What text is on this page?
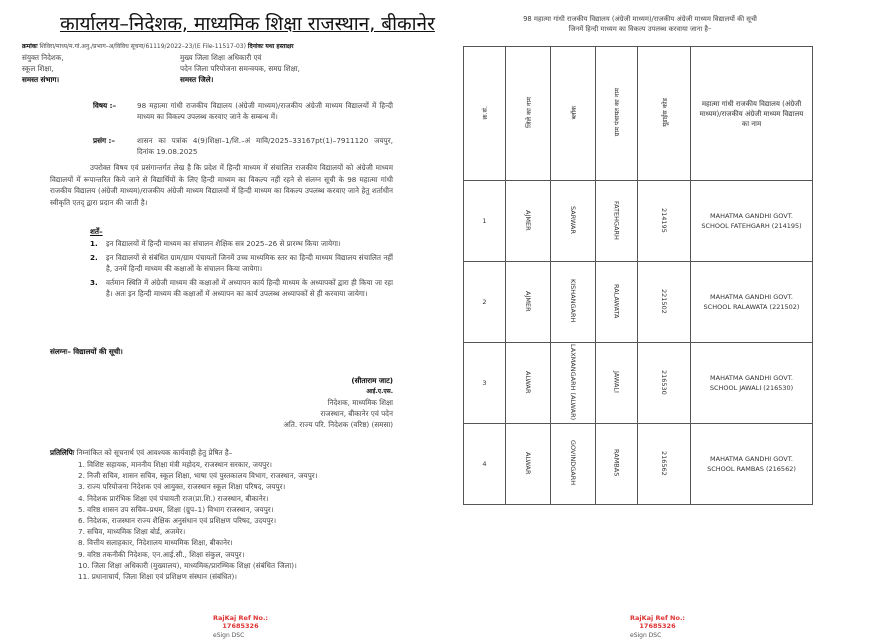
कार्यालय–निदेशक, माध्यमिक शिक्षा राजस्थान, बीकानेर
क्रमांकः शिविरा/माध्य/म.गां.अनु./प्रभाग–अ/विविध सूचना/61119/2022–23/(E File-11517-03) दिनांकः यथा हस्ताक्षर
संयुक्त निदेशक,
स्कूल शिक्षा,
समस्त संभाग।
मुख्य जिला शिक्षा अधिकारी एवं
पदेन जिला परियोजना समन्वयक, समग्र शिक्षा,
समस्त जिले।
विषय :–	98 महात्मा गांधी राजकीय विद्यालय (अंग्रेजी माध्यम)/राजकीय अंग्रेजी माध्यम विद्यालयों में हिन्दी माध्यम का विकल्प उपलब्ध करवाए जाने के सम्बन्ध में।
प्रसंग :–	शासन का पत्रांक 4(9)शिक्षा–1/शि.–अं मावि/2025–33167pt(1)–7911120 जयपुर, दिनांक 19.08.2025
उपरोक्त विषय एवं प्रसंगान्तर्गत लेख है कि प्रदेश में हिन्दी माध्यम में संचालित राजकीय विद्यालयों को अंग्रेजी माध्यम विद्यालयों में रूपान्तरित किये जाने से विद्यार्थियों के लिए हिन्दी माध्यम का विकल्प नहीं रहने से संलग्न सूची के 98 महात्मा गांधी राजकीय विद्यालय (अंग्रेजी माध्यम)/राजकीय अंग्रेजी माध्यम विद्यालयों में हिन्दी माध्यम का विकल्प उपलब्ध करवाए जाने हेतु शर्ताधीन स्वीकृति एतद् द्वारा प्रदान की जाती है।
शर्तें–
1.	इन विद्यालयों में हिन्दी माध्यम का संचालन शैक्षिक सत्र 2025–26 से प्रारम्भ किया जायेगा।
2.	इन विद्यालयों से संबंधित ग्राम/ग्राम पंचायतों जिनमें उच्च माध्यमिक स्तर का हिन्दी माध्यम विद्यालय संचालित नहीं है, उनमें हिन्दी माध्यम की कक्षाओं के संचालन किया जायेगा।
3.	वर्तमान स्थिति में अंग्रेजी माध्यम की कक्षाओं में अध्यापन कार्य हिन्दी माध्यम के अध्यापकों द्वारा ही किया जा रहा है। अतः इन हिन्दी माध्यम की कक्षाओं में अध्यापन का कार्य उपलब्ध अध्यापकों से ही करवाया जायेगा।
संलग्नः– विद्यालयों की सूची।
(सीताराम जाट)
आई.ए.एस.
निदेशक, माध्यमिक शिक्षा
राजस्थान, बीकानेर एवं पदेन
अति. राज्य परि. निदेशक (वरिष्ठ) (समसा)
प्रतिलिपिः निम्नांकित को सूचनार्थ एवं आवश्यक कार्यवाही हेतु प्रेषित है–
1. विशिष्ट सहायक, माननीय शिक्षा मंत्री महोदय, राजस्थान सरकार, जयपुर।
2. निजी सचिव, शासन सचिव, स्कूल शिक्षा, भाषा एवं पुस्तकालय विभाग, राजस्थान, जयपुर।
3. राज्य परियोजना निदेशक एवं आयुक्त, राजस्थान स्कूल शिक्षा परिषद, जयपुर।
4. निदेशक प्रारंभिक शिक्षा एवं पंचायती राज(प्रा.शि.) राजस्थान, बीकानेर।
5. वरिष्ठ शासन उप सचिव–प्रथम, शिक्षा (ग्रुप–1) विभाग राजस्थान, जयपुर।
6. निदेशक, राजस्थान राज्य शैक्षिक अनुसंधान एवं प्रशिक्षण परिषद, उदयपुर।
7. सचिव, माध्यमिक शिक्षा बोर्ड, अजमेर।
8. वित्तीय सलाहकार, निदेशालय माध्यमिक शिक्षा, बीकानेर।
9. वरिष्ठ तकनीकी निदेशक, एन.आई.सी., शिक्षा संकुल, जयपुर।
10. जिला शिक्षा अधिकारी (मुख्यालय), माध्यमिक/प्रारम्भिक शिक्षा (संबंधित जिला)।
11. प्रधानाचार्य, जिला शिक्षा एवं प्रशिक्षण संस्थान (संबंधित)।
RajKaj Ref No.:
17685326
eSign DSC
98 महात्मा गांधी राजकीय विद्यालय (अंग्रेजी माध्यम)/राजकीय अंग्रेजी माध्यम विद्यालयों की सूची
जिनमें हिन्दी माध्यम का विकल्प उपलब्ध करवाया जाना है–
क्र.सं.	जिले का नाम	ब्लॉक	ग्राम पंचायत का नाम	यूडाईस कोड	महात्मा गांधी राजकीय विद्यालय (अंग्रेजी माध्यम)/राजकीय अंग्रेजी माध्यम विद्यालय का नाम
1	AJMER	SARWAR	FATEHGARH	214195	MAHATMA GANDHI GOVT. SCHOOL FATEHGARH (214195)
2	AJMER	KISHANGARH	RALAWATA	221502	MAHATMA GANDHI GOVT. SCHOOL RALAWATA (221502)
3	ALWAR	LAXMANGARH (ALWAR)	JAWALI	216530	MAHATMA GANDHI GOVT. SCHOOL JAWALI (216530)
4	ALWAR	GOVINDGARH	RAMBAS	216562	MAHATMA GANDHI GOVT. SCHOOL RAMBAS (216562)
RajKaj Ref No.:
17685326
eSign DSC
